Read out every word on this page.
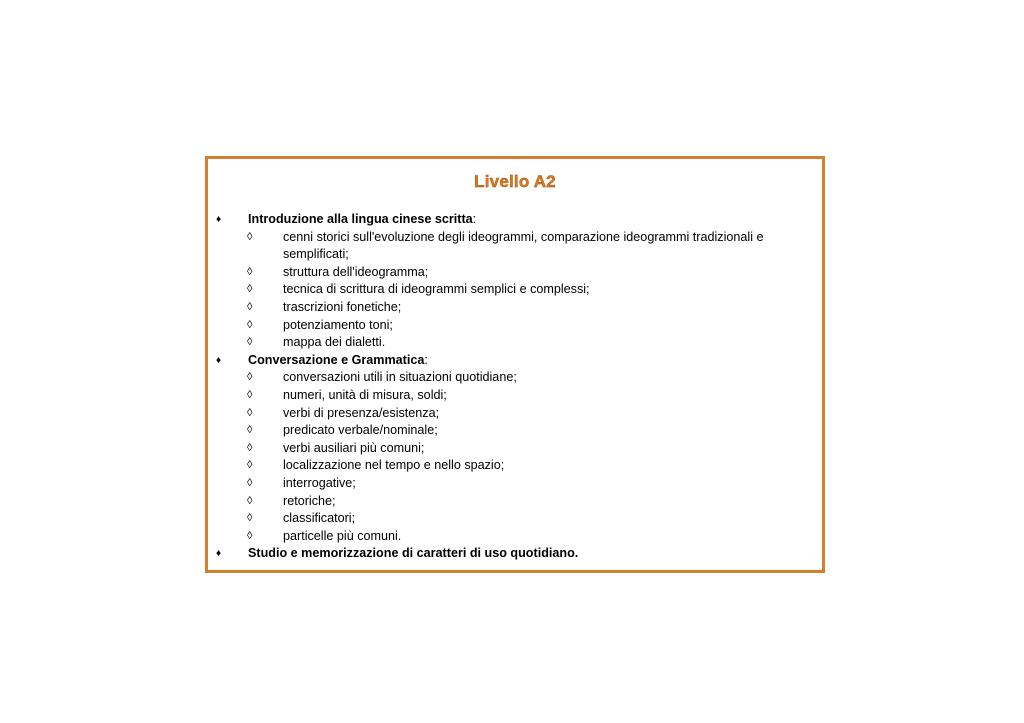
Livello A2
♦ Introduzione alla lingua cinese scritta:
◊ cenni storici sull'evoluzione degli ideogrammi, comparazione ideogrammi tradizionali e semplificati;
◊ struttura dell'ideogramma;
◊ tecnica di scrittura di ideogrammi semplici e complessi;
◊ trascrizioni fonetiche;
◊ potenziamento toni;
◊ mappa dei dialetti.
♦ Conversazione e Grammatica:
◊ conversazioni utili in situazioni quotidiane;
◊ numeri, unità di misura, soldi;
◊ verbi di presenza/esistenza;
◊ predicato verbale/nominale;
◊ verbi ausiliari più comuni;
◊ localizzazione nel tempo e nello spazio;
◊ interrogative;
◊ retoriche;
◊ classificatori;
◊ particelle più comuni.
♦ Studio e memorizzazione di caratteri di uso quotidiano.
